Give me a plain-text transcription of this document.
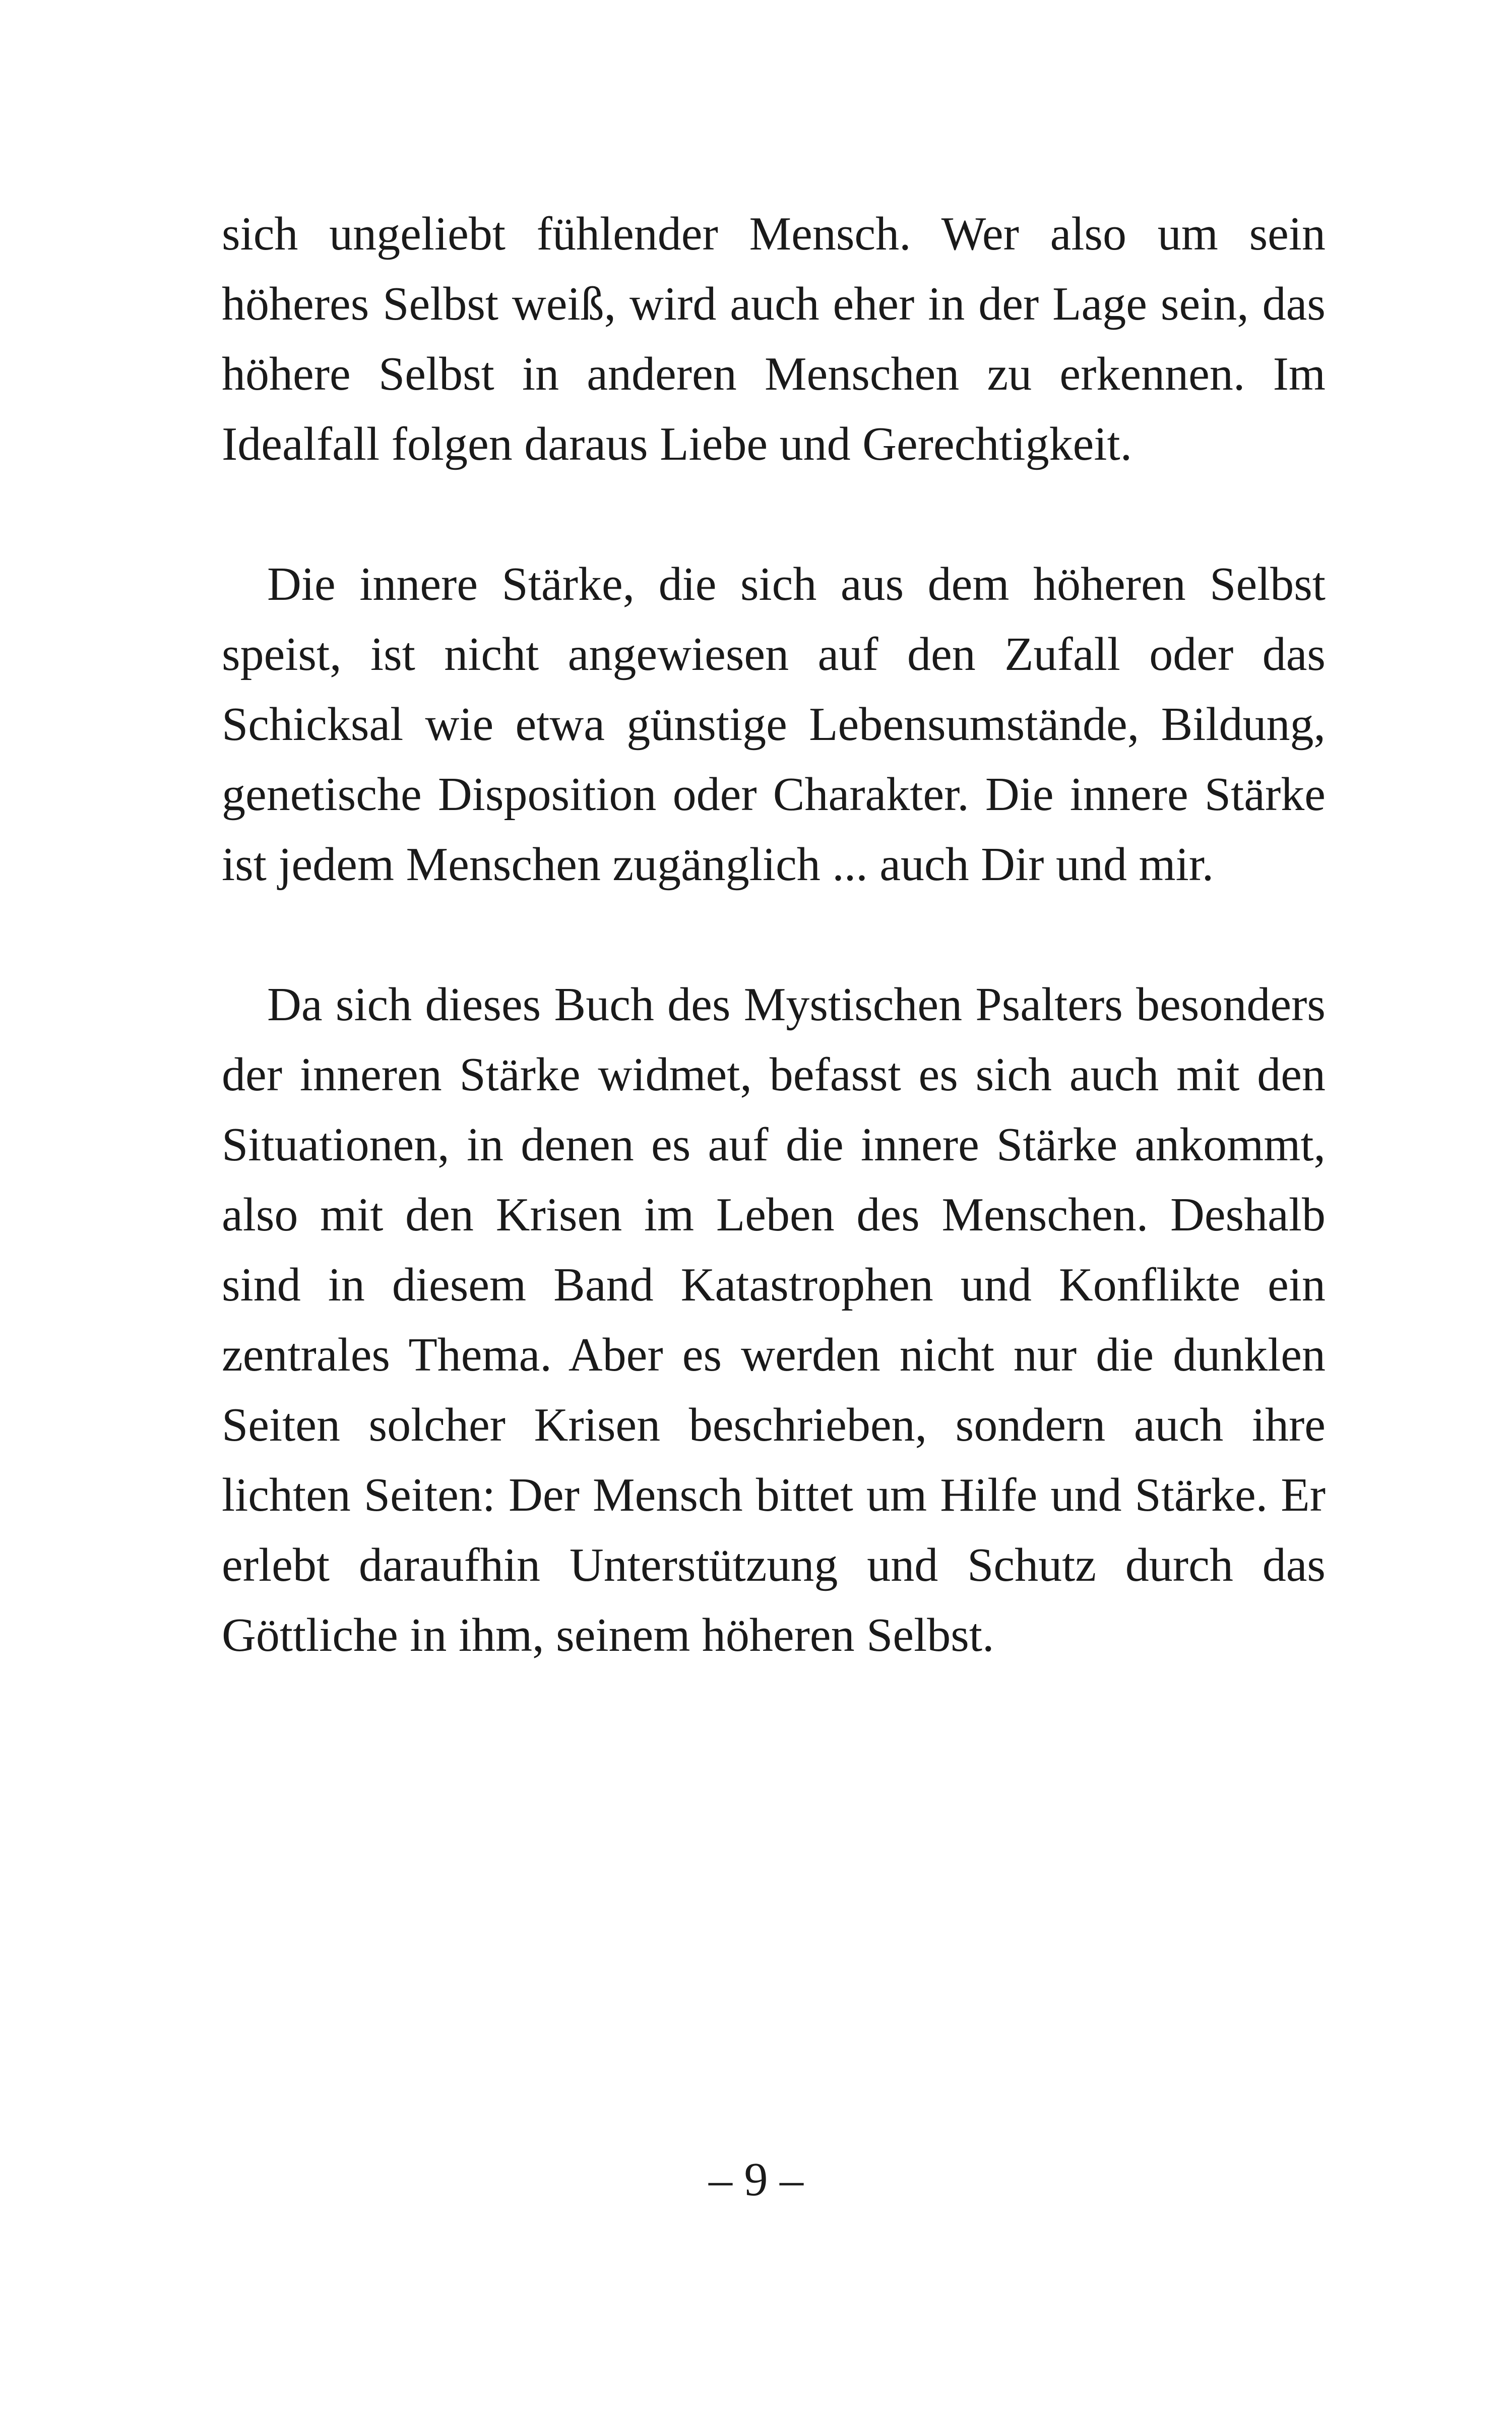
sich ungeliebt fühlender Mensch. Wer also um sein höheres Selbst weiß, wird auch eher in der Lage sein, das höhere Selbst in anderen Menschen zu erkennen. Im Idealfall folgen daraus Liebe und Gerechtigkeit.

Die innere Stärke, die sich aus dem höheren Selbst speist, ist nicht angewiesen auf den Zufall oder das Schicksal wie etwa günstige Lebensumstände, Bildung, genetische Disposition oder Charakter. Die innere Stärke ist jedem Menschen zugänglich ... auch Dir und mir.

Da sich dieses Buch des Mystischen Psalters besonders der inneren Stärke widmet, befasst es sich auch mit den Situationen, in denen es auf die innere Stärke ankommt, also mit den Krisen im Leben des Menschen. Deshalb sind in diesem Band Katastrophen und Konflikte ein zentrales Thema. Aber es werden nicht nur die dunklen Seiten solcher Krisen beschrieben, sondern auch ihre lichten Seiten: Der Mensch bittet um Hilfe und Stärke. Er erlebt daraufhin Unterstützung und Schutz durch das Göttliche in ihm, seinem höheren Selbst.

– 9 –
